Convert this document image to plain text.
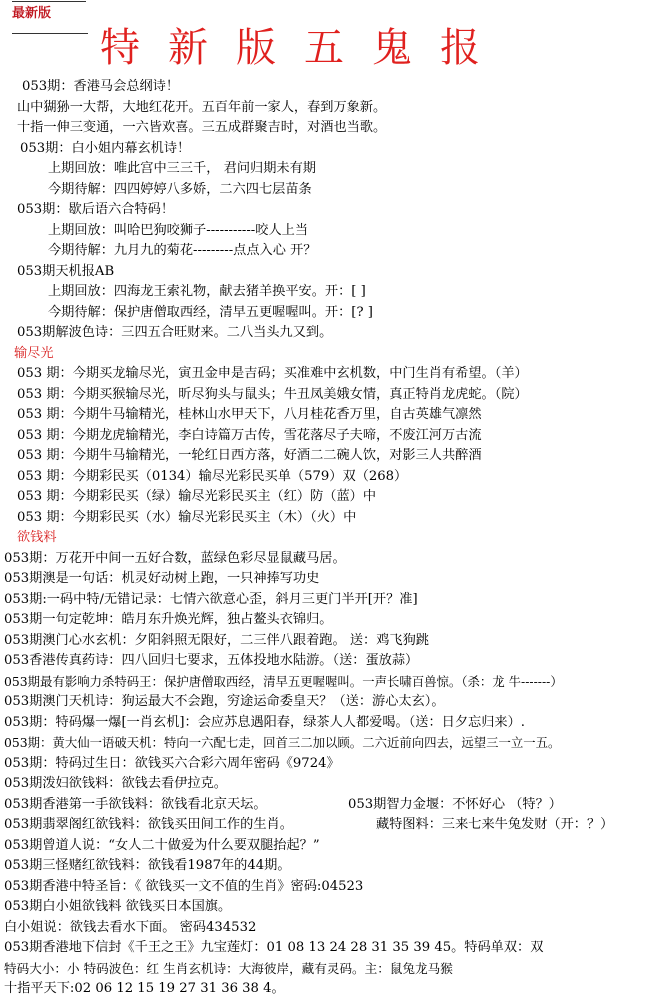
最新版
特新版五鬼报
053期：香港马会总纲诗！
山中猢狲一大帮，大地红花开。五百年前一家人，春到万象新。
十指一伸三变通，一六皆欢喜。三五成群聚吉时，对酒也当歌。
053期：白小姐内幕玄机诗！
上期回放：唯此宫中三三千， 君问归期未有期
今期待解：四四婷婷八多娇，二六四七层苗条
053期：歇后语六合特码！
上期回放：叫哈巴狗咬狮子-----------咬人上当
今期待解：九月九的菊花---------点点入心 开？
053期天机报AB
上期回放：四海龙王索礼物，献去猪羊换平安。开：[ ]
今期待解：保护唐僧取西经，清早五更喔喔叫。开：[? ]
053期解波色诗：三四五合旺财来。二八当头九又到。
输尽光
053 期：今期买龙输尽光，寅丑金申是吉码；买准难中玄机数，中门生肖有希望。（羊）
053 期：今期买猴输尽光，昕尽狗头与鼠头；牛丑凤美娥女情，真正特肖龙虎蛇。（院）
053 期：今期牛马输精光，桂林山水甲天下，八月桂花香万里，自古英雄气凛然
053 期：今期龙虎输精光，李白诗篇万古传，雪花落尽子夫啼，不废江河万古流
053 期：今期牛马输精光，一轮红日西方落，好酒二二碗人饮，对影三人共醉酒
053 期：今期彩民买（0134）输尽光彩民买单（579）双（268）
053 期：今期彩民买（绿）输尽光彩民买主（红）防（蓝）中
053 期：今期彩民买（水）输尽光彩民买主（木）（火）中
欲钱料
053期：万花开中间一五好合数，蓝绿色彩尽显鼠藏马居。
053期澳是一句话：机灵好动树上跑，一只神捧写功史
053期:一码中特/无错记录：七情六欲意心歪，斜月三更门半开[开？准]
053期一句定乾坤：皓月东升焕光辉，独占鳌头衣锦归。
053期澳门心水玄机：夕阳斜照无限好，二三伴八跟着跑。 送：鸡飞狗跳
053香港传真药诗：四八回归七要求，五体投地水陆游。（送：蛋放蒜）
053期最有影响力杀特码王：保护唐僧取西经，清早五更喔喔叫。一声长啸百兽惊。（杀：龙 牛-------）
053期澳门天机诗：狗运最大不会跑，穷途运命委皇天？（送：游心太玄）。
053期：特码爆一爆[一肖玄机]：会应苏息遇阳春，绿茶人人都爱喝。（送：日夕忘归来）.
053期：黄大仙一语破天机：特向一六配七走，回首三二加以顾。二六近前向四去，远望三一立一五。
053期：特码过生日：欲钱买六合彩六周年密码《9724》
053期泼妇欲钱料：欲钱去看伊拉克。
053期香港第一手欲钱料：欲钱看北京天坛。	053期智力金堰：不怀好心 （特？）
053期翡翠阁红欲钱料：欲钱买田间工作的生肖。	藏特图料：三来七来牛兔发财（开：？）
053期曾道人说：“女人二十做爱为什么要双腿抬起？”
053期三怪赌红欲钱料：欲钱看1987年的44期。
053期香港中特圣旨：《 欲钱买一文不值的生肖》密码:04523
053期白小姐欲钱料 欲钱买日本国旗。
白小姐说：欲钱去看水下面。 密码434532
053期香港地下信封《千王之王》九宝莲灯：01 08 13 24 28 31 35 39 45。特码单双：双
特码大小：小 特码波色：红 生肖玄机诗：大海彼岸，藏有灵码。主：鼠兔龙马猴
十指平天下:02 06 12 15 19 27 31 36 38 4。
